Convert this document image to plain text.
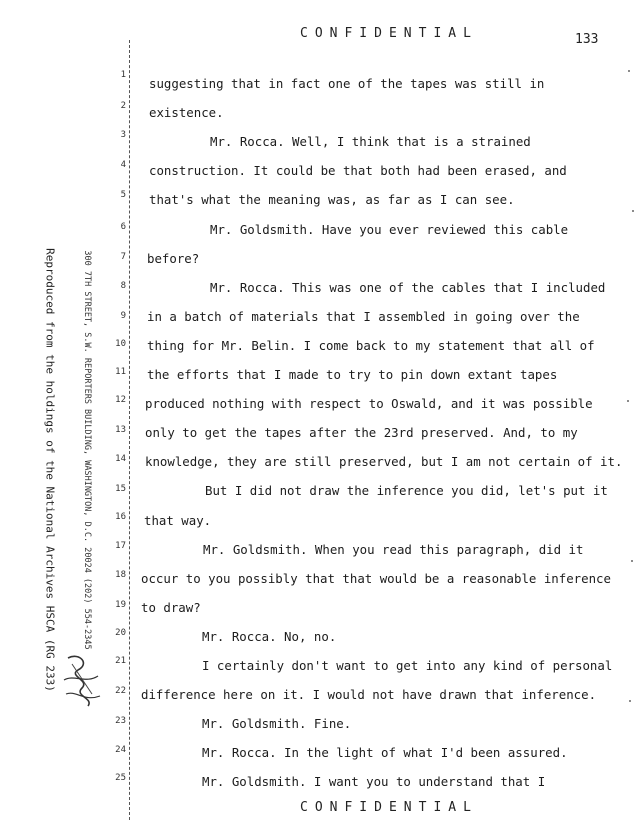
CONFIDENTIAL	133
Reproduced from the holdings of the National Archives HSCA (RG 233)	300 7TH STREET, S.W. REPORTERS BUILDING, WASHINGTON, D.C. 20024 (202) 554-2345
1
2
3
4
5
6
7
8
9
10
11
12
13
14
15
16
17
18
19
20
21
22
23
24
25
suggesting that in fact one of the tapes was still in
existence.
Mr. Rocca. Well, I think that is a strained
construction. It could be that both had been erased, and
that's what the meaning was, as far as I can see.
Mr. Goldsmith. Have you ever reviewed this cable
before?
Mr. Rocca. This was one of the cables that I included
in a batch of materials that I assembled in going over the
thing for Mr. Belin. I come back to my statement that all of
the efforts that I made to try to pin down extant tapes
produced nothing with respect to Oswald, and it was possible
only to get the tapes after the 23rd preserved. And, to my
knowledge, they are still preserved, but I am not certain of it.
But I did not draw the inference you did, let's put it
that way.
Mr. Goldsmith. When you read this paragraph, did it
occur to you possibly that that would be a reasonable inference
to draw?
Mr. Rocca. No, no.
I certainly don't want to get into any kind of personal
difference here on it. I would not have drawn that inference.
Mr. Goldsmith. Fine.
Mr. Rocca. In the light of what I'd been assured.
Mr. Goldsmith. I want you to understand that I
CONFIDENTIAL
